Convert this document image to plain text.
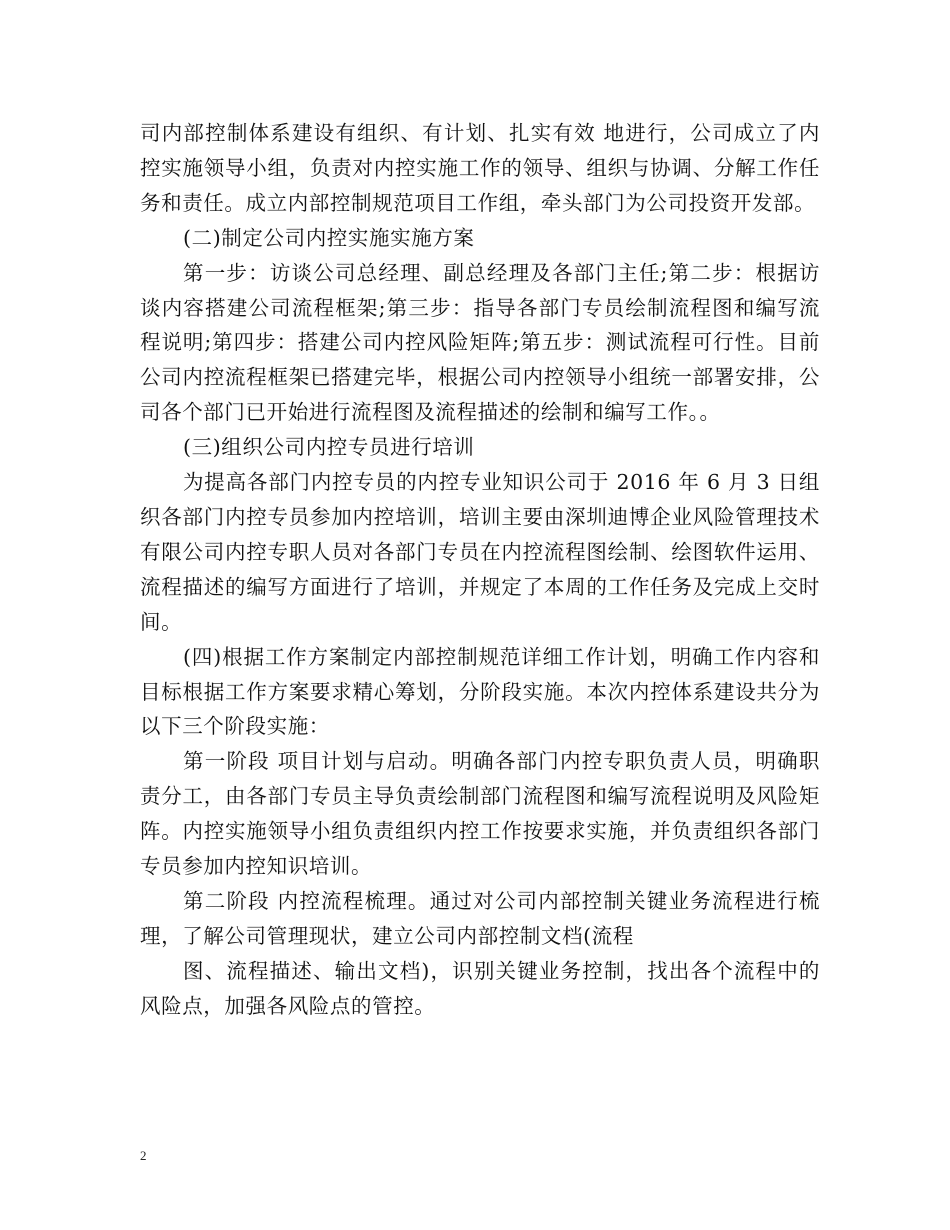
司内部控制体系建设有组织、有计划、扎实有效 地进行，公司成立了内控实施领导小组，负责对内控实施工作的领导、组织与协调、分解工作任务和责任。成立内部控制规范项目工作组，牵头部门为公司投资开发部。

(二)制定公司内控实施实施方案

第一步：访谈公司总经理、副总经理及各部门主任;第二步：根据访谈内容搭建公司流程框架;第三步：指导各部门专员绘制流程图和编写流程说明;第四步：搭建公司内控风险矩阵;第五步：测试流程可行性。目前公司内控流程框架已搭建完毕，根据公司内控领导小组统一部署安排，公司各个部门已开始进行流程图及流程描述的绘制和编写工作。。

(三)组织公司内控专员进行培训

为提高各部门内控专员的内控专业知识公司于 2016 年 6 月 3 日组织各部门内控专员参加内控培训，培训主要由深圳迪博企业风险管理技术有限公司内控专职人员对各部门专员在内控流程图绘制、绘图软件运用、流程描述的编写方面进行了培训，并规定了本周的工作任务及完成上交时间。

(四)根据工作方案制定内部控制规范详细工作计划，明确工作内容和目标根据工作方案要求精心筹划，分阶段实施。本次内控体系建设共分为以下三个阶段实施：

第一阶段 项目计划与启动。明确各部门内控专职负责人员，明确职责分工，由各部门专员主导负责绘制部门流程图和编写流程说明及风险矩阵。内控实施领导小组负责组织内控工作按要求实施，并负责组织各部门专员参加内控知识培训。

第二阶段 内控流程梳理。通过对公司内部控制关键业务流程进行梳理，了解公司管理现状，建立公司内部控制文档(流程

图、流程描述、输出文档)，识别关键业务控制，找出各个流程中的风险点，加强各风险点的管控。

2
